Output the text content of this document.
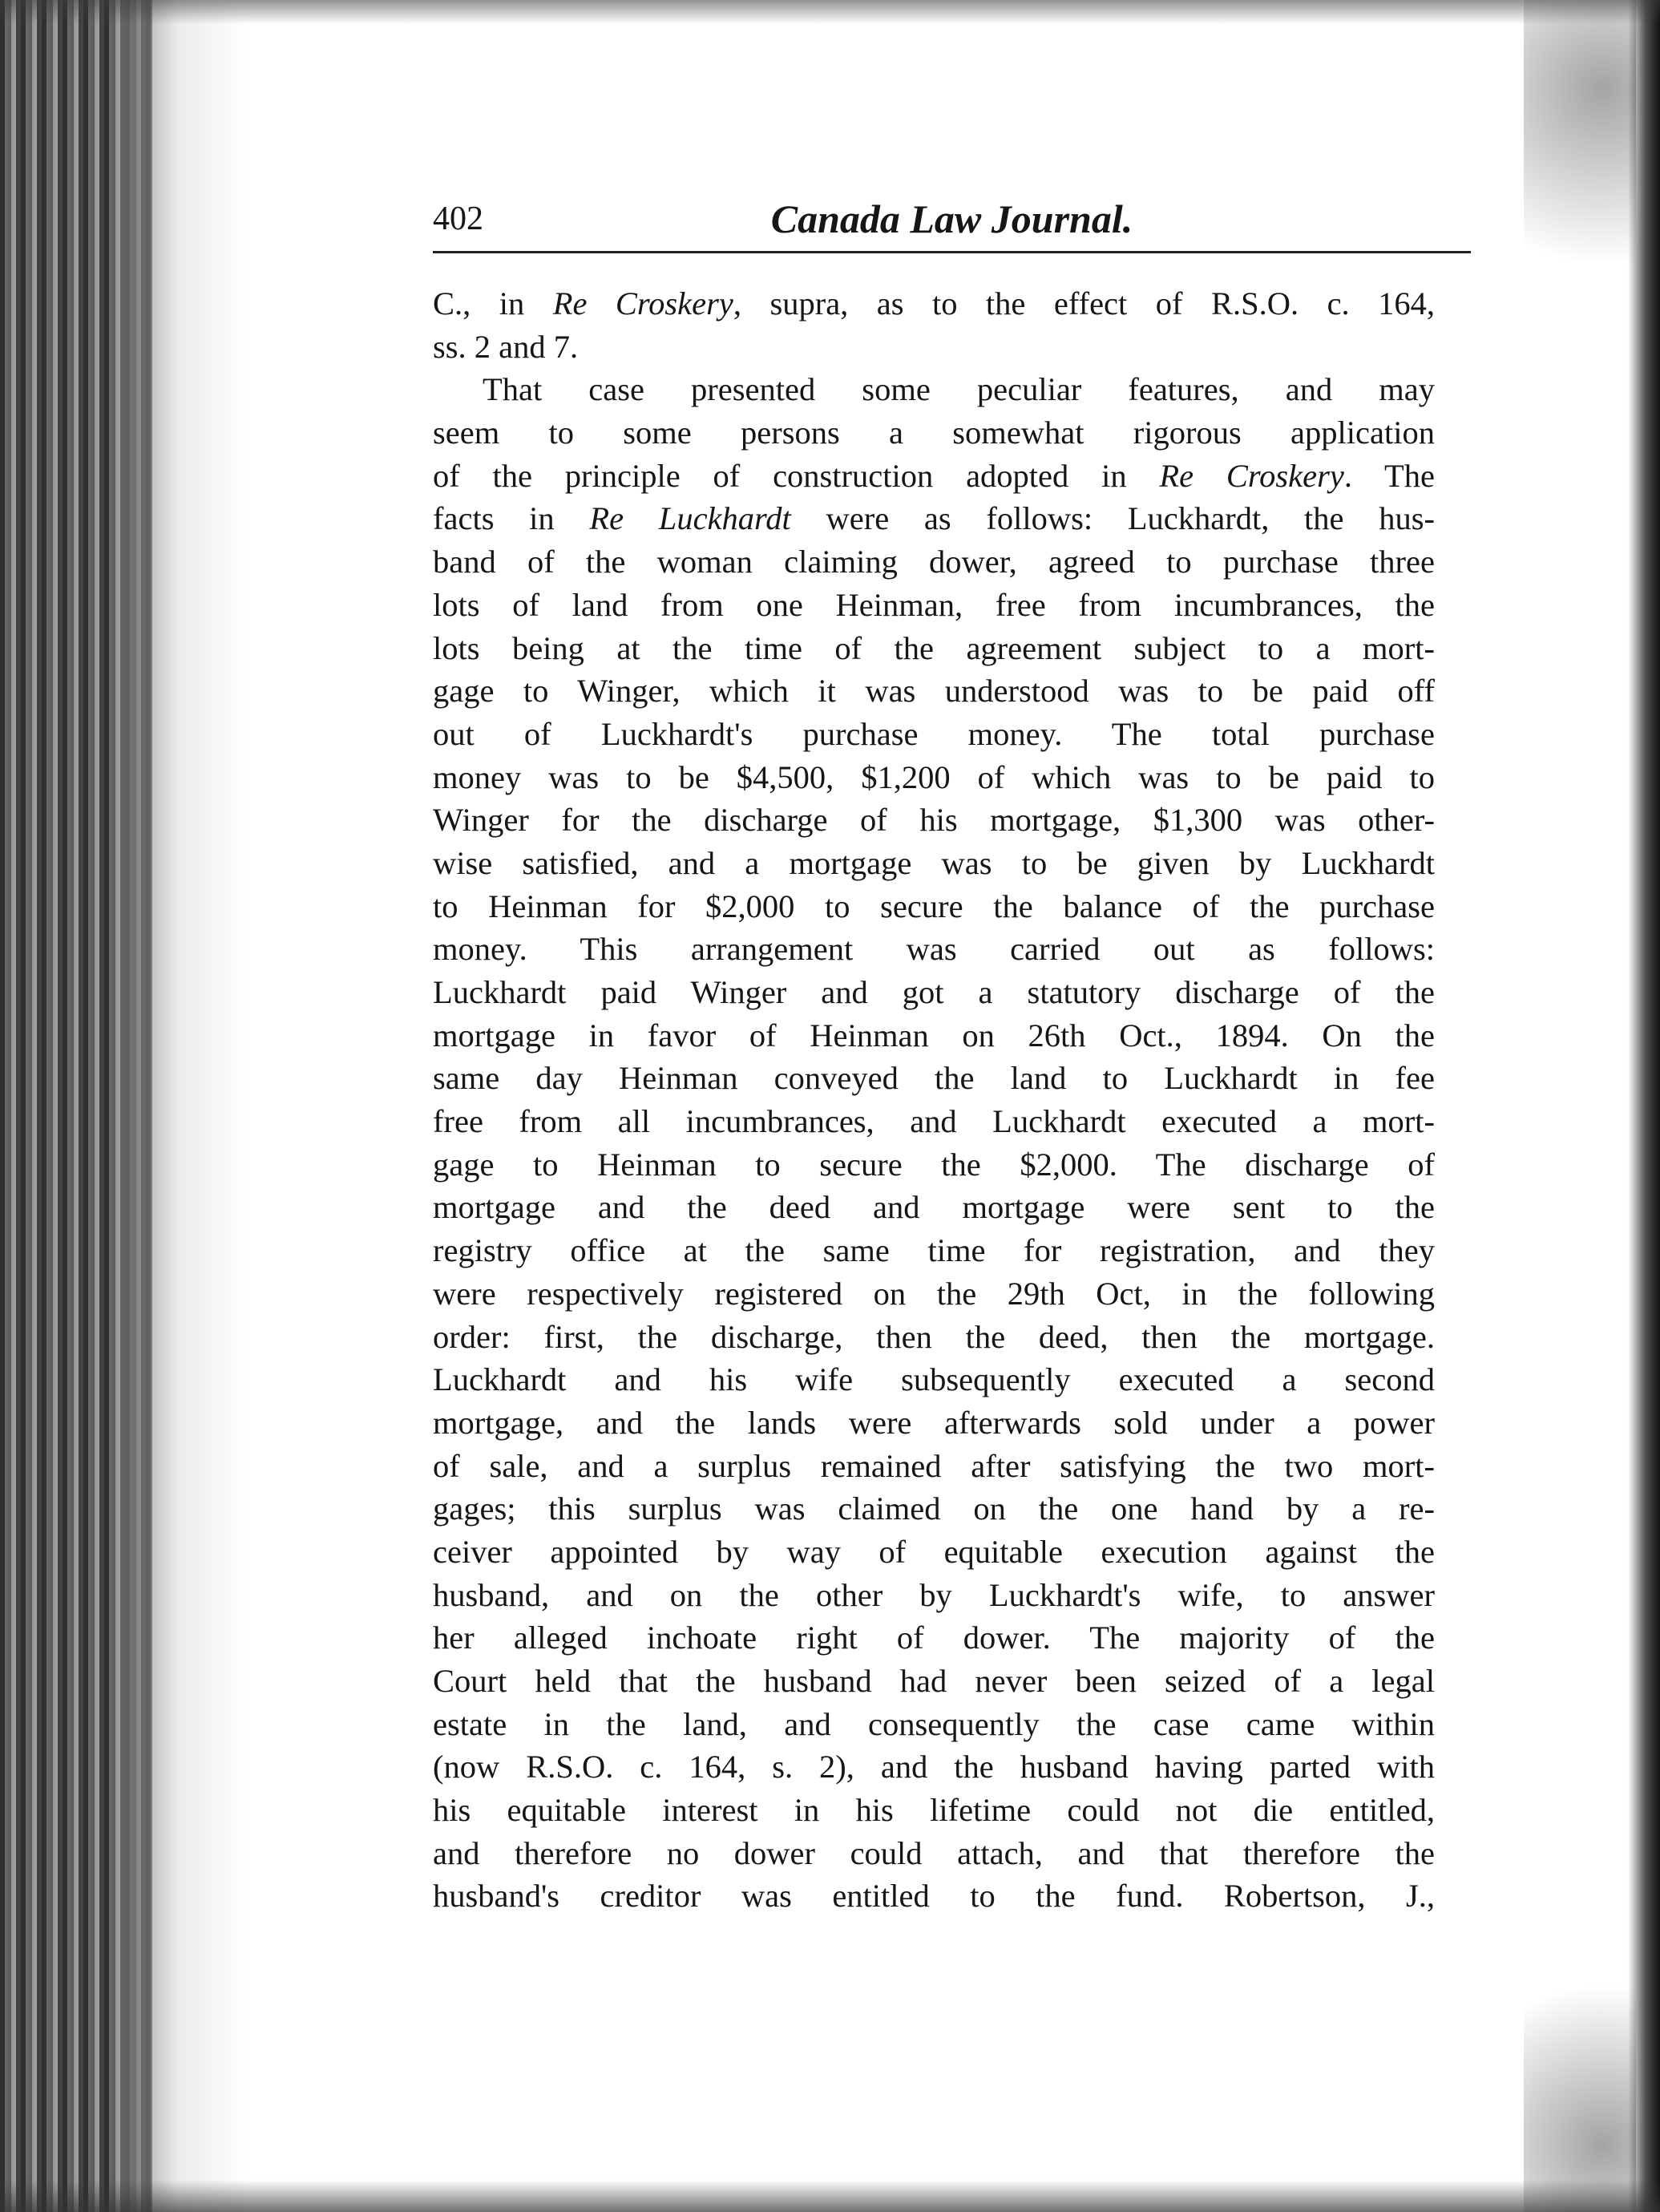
402	Canada Law Journal.
C., in Re Croskery, supra, as to the effect of R.S.O. c. 164,
ss. 2 and 7.
That case presented some peculiar features, and may
seem to some persons a somewhat rigorous application
of the principle of construction adopted in Re Croskery. The
facts in Re Luckhardt were as follows: Luckhardt, the hus-
band of the woman claiming dower, agreed to purchase three
lots of land from one Heinman, free from incumbrances, the
lots being at the time of the agreement subject to a mort-
gage to Winger, which it was understood was to be paid off
out of Luckhardt's purchase money. The total purchase
money was to be $4,500, $1,200 of which was to be paid to
Winger for the discharge of his mortgage, $1,300 was other-
wise satisfied, and a mortgage was to be given by Luckhardt
to Heinman for $2,000 to secure the balance of the purchase
money. This arrangement was carried out as follows:
Luckhardt paid Winger and got a statutory discharge of the
mortgage in favor of Heinman on 26th Oct., 1894. On the
same day Heinman conveyed the land to Luckhardt in fee
free from all incumbrances, and Luckhardt executed a mort-
gage to Heinman to secure the $2,000. The discharge of
mortgage and the deed and mortgage were sent to the
registry office at the same time for registration, and they
were respectively registered on the 29th Oct, in the following
order: first, the discharge, then the deed, then the mortgage.
Luckhardt and his wife subsequently executed a second
mortgage, and the lands were afterwards sold under a power
of sale, and a surplus remained after satisfying the two mort-
gages; this surplus was claimed on the one hand by a re-
ceiver appointed by way of equitable execution against the
husband, and on the other by Luckhardt's wife, to answer
her alleged inchoate right of dower. The majority of the
Court held that the husband had never been seized of a legal
estate in the land, and consequently the case came within
(now R.S.O. c. 164, s. 2), and the husband having parted with
his equitable interest in his lifetime could not die entitled,
and therefore no dower could attach, and that therefore the
husband's creditor was entitled to the fund. Robertson, J.,
